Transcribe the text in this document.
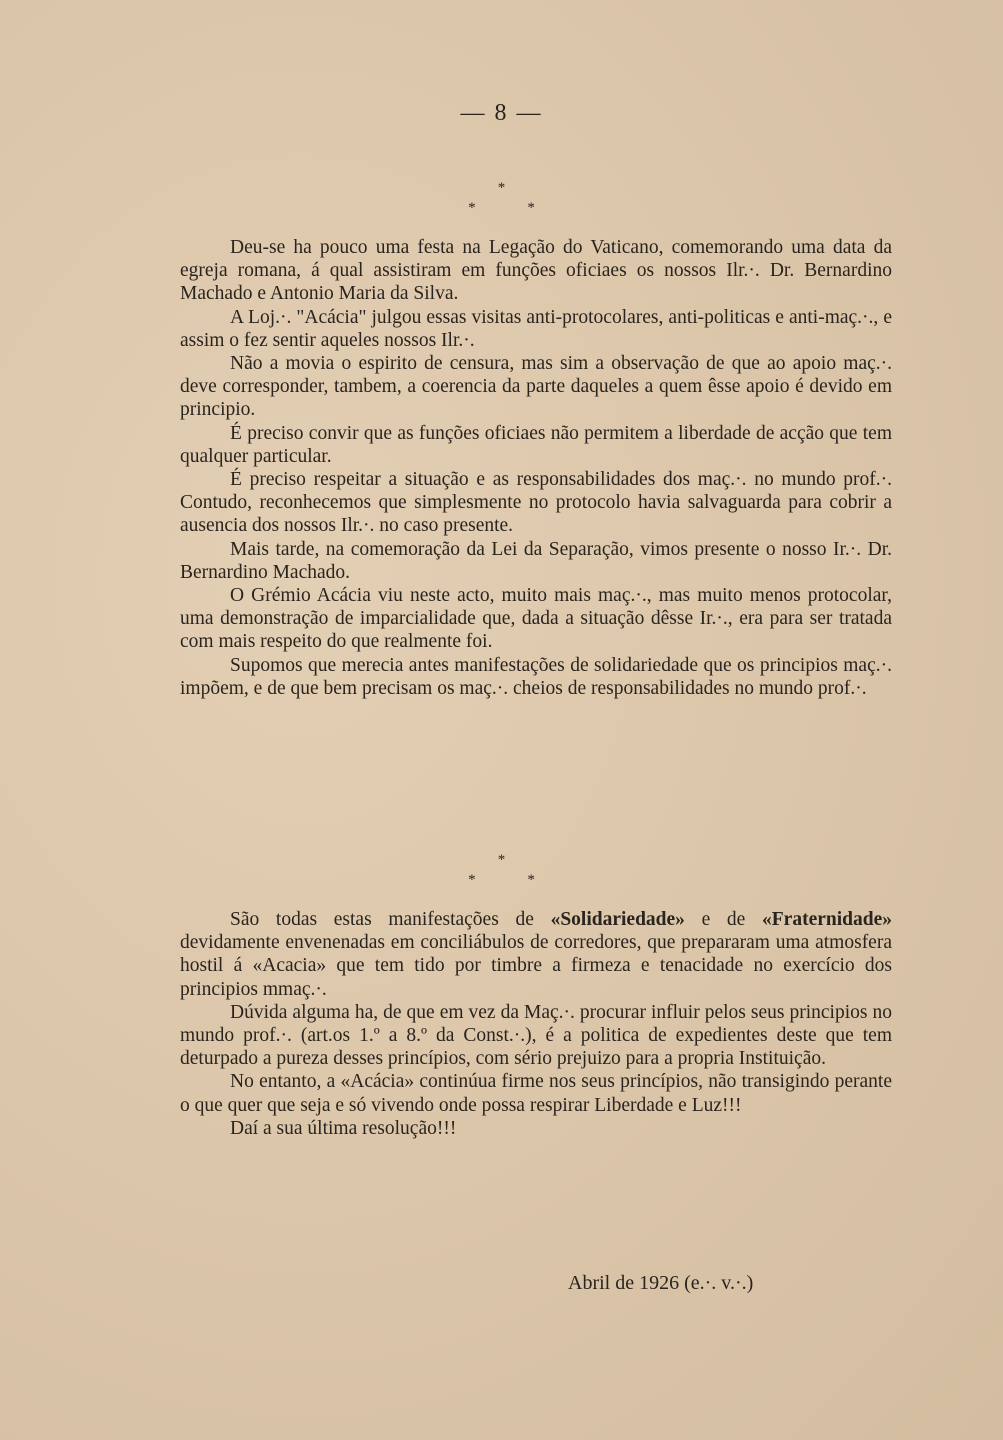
— 8 —
*
* *

Deu-se ha pouco uma festa na Legação do Vaticano, comemorando uma data da egreja romana, á qual assistiram em funções oficiaes os nossos Ilr.·. Dr. Bernardino Machado e Antonio Maria da Silva.

A Loj.·. "Acácia" julgou essas visitas anti-protocolares, anti-politicas e anti-maç.·., e assim o fez sentir aqueles nossos Ilr.·.

Não a movia o espirito de censura, mas sim a observação de que ao apoio maç.·. deve corresponder, tambem, a coerencia da parte daqueles a quem êsse apoio é devido em principio.

É preciso convir que as funções oficiaes não permitem a liberdade de acção que tem qualquer particular.

É preciso respeitar a situação e as responsabilidades dos maç.·. no mundo prof.·. Contudo, reconhecemos que simplesmente no protocolo havia salvaguarda para cobrir a ausencia dos nossos Ilr.·. no caso presente.

Mais tarde, na comemoração da Lei da Separação, vimos presente o nosso Ir.·. Dr. Bernardino Machado.

O Grémio Acácia viu neste acto, muito mais maç.·., mas muito menos protocolar, uma demonstração de imparcialidade que, dada a situação dêsse Ir.·., era para ser tratada com mais respeito do que realmente foi.

Supomos que merecia antes manifestações de solidariedade que os principios maç.·. impõem, e de que bem precisam os maç.·. cheios de responsabilidades no mundo prof.·.

*
* *

São todas estas manifestações de «Solidariedade» e de «Fraternidade» devidamente envenenadas em conciliábulos de corredores, que prepararam uma atmosfera hostil á «Acacia» que tem tido por timbre a firmeza e tenacidade no exercício dos principios mmaç.·.

Dúvida alguma ha, de que em vez da Maç.·. procurar influir pelos seus principios no mundo prof.·. (art.os 1.º a 8.º da Const.·.), é a politica de expedientes deste que tem deturpado a pureza desses princípios, com sério prejuizo para a propria Instituição.

No entanto, a «Acácia» continúua firme nos seus princípios, não transigindo perante o que quer que seja e só vivendo onde possa respirar Liberdade e Luz!!!

Daí a sua última resolução!!!

Abril de 1926 (e.·. v.·.)
